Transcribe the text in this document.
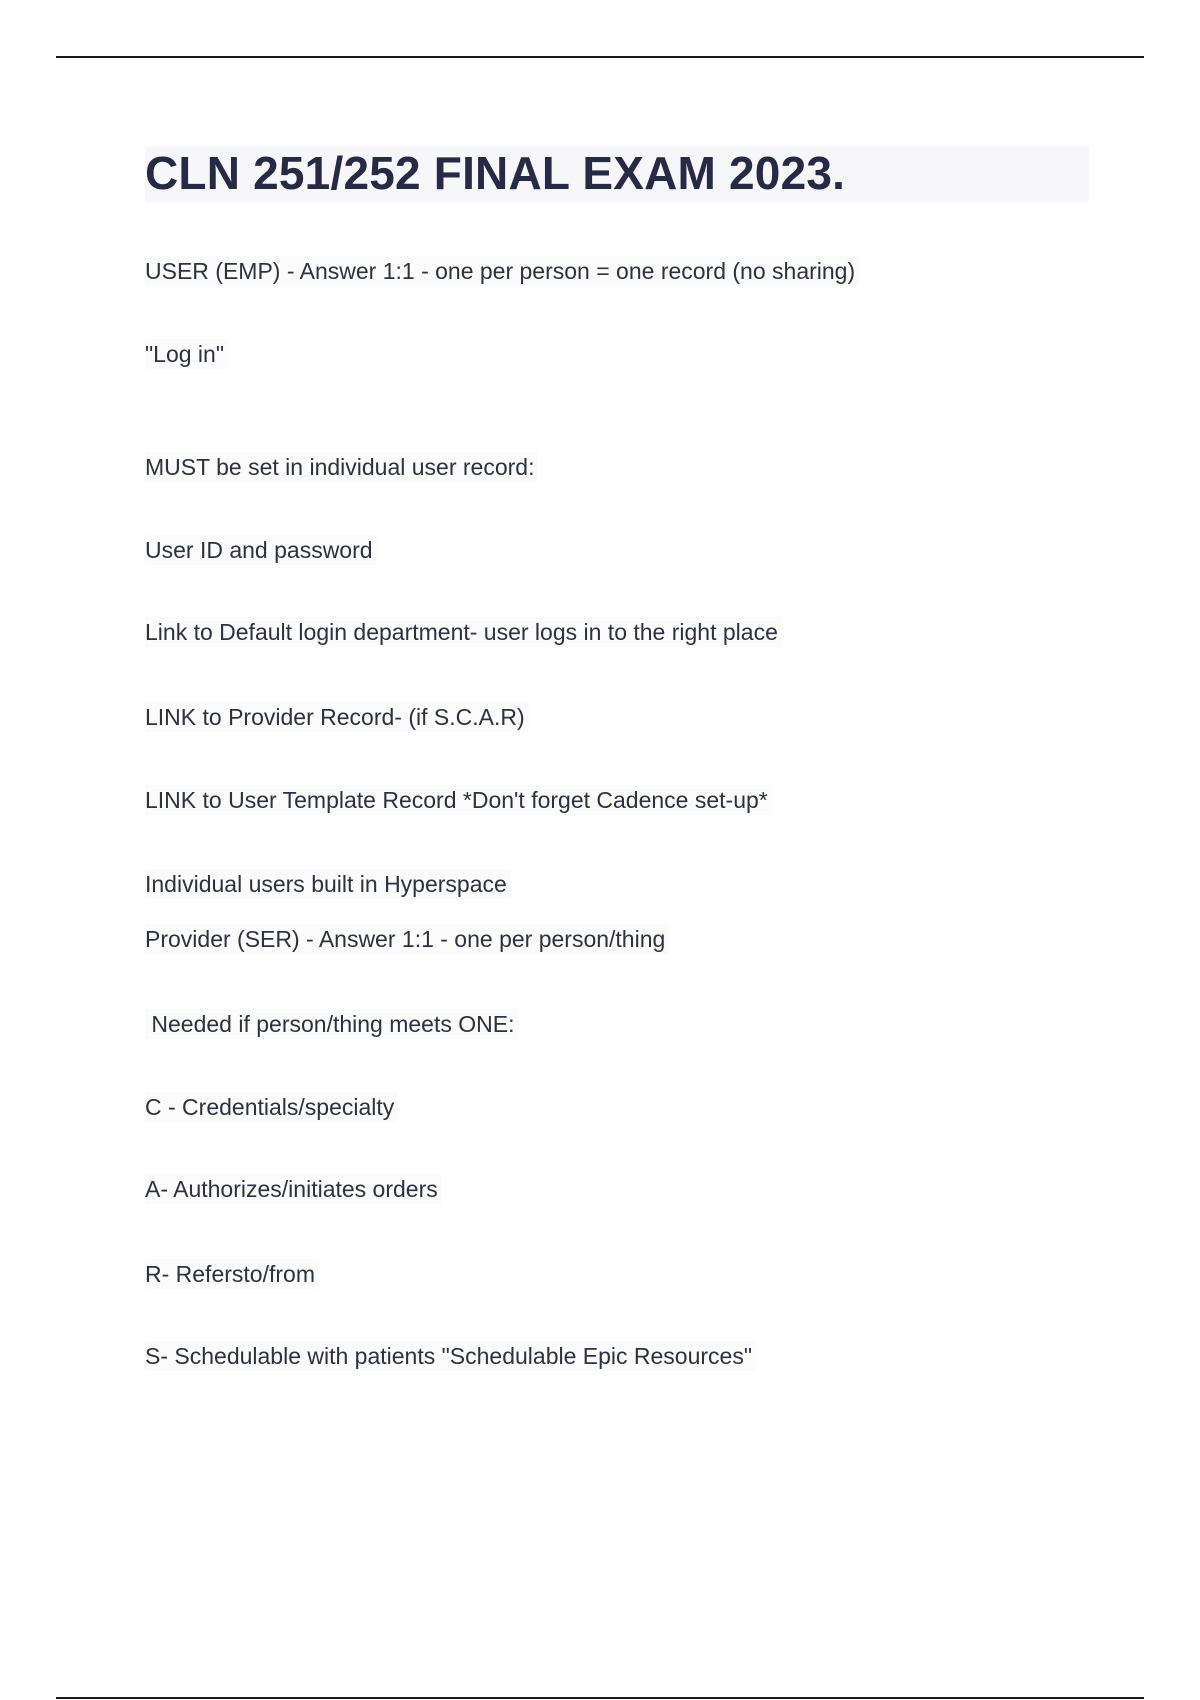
CLN 251/252 FINAL EXAM 2023.

USER (EMP) - Answer 1:1 - one per person = one record (no sharing)

"Log in"

MUST be set in individual user record:

User ID and password

Link to Default login department- user logs in to the right place

LINK to Provider Record- (if S.C.A.R)

LINK to User Template Record *Don't forget Cadence set-up*

Individual users built in Hyperspace

Provider (SER) - Answer 1:1 - one per person/thing

Needed if person/thing meets ONE:

C - Credentials/specialty

A- Authorizes/initiates orders

R- Refersto/from

S- Schedulable with patients "Schedulable Epic Resources"
